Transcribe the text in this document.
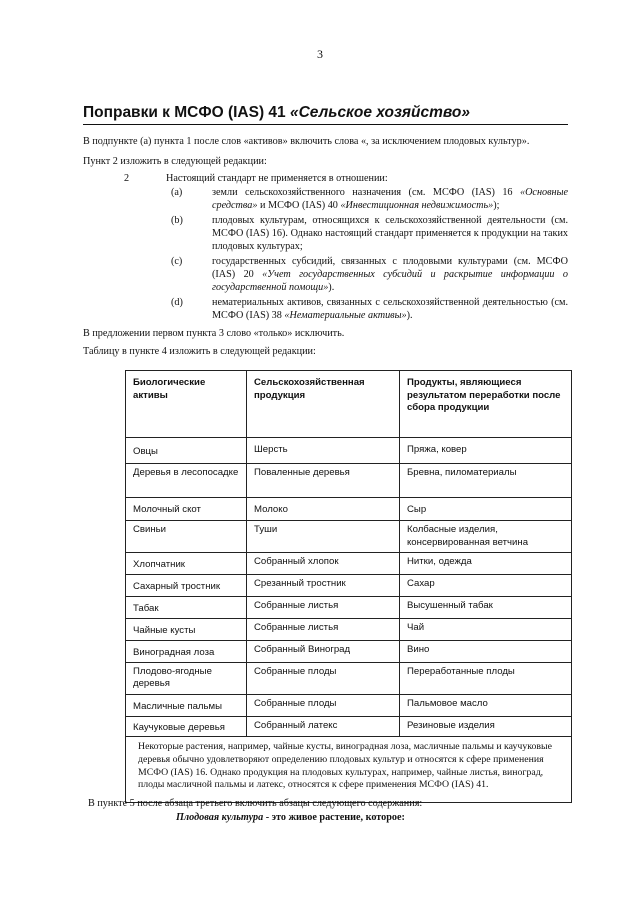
3
Поправки к МСФО (IAS) 41 «Сельское хозяйство»
В подпункте (а) пункта 1 после слов «активов» включить слова «, за исключением плодовых культур».
Пункт 2 изложить в следующей редакции:
2	Настоящий стандарт не применяется в отношении:
(a)	земли сельскохозяйственного назначения (см. МСФО (IAS) 16 «Основные средства» и МСФО (IAS) 40 «Инвестиционная недвижимость»);
(b)	плодовых культурам, относящихся к сельскохозяйственной деятельности (см. МСФО (IAS) 16). Однако настоящий стандарт применяется к продукции на таких плодовых культурах;
(c)	государственных субсидий, связанных с плодовыми культурами (см. МСФО (IAS) 20 «Учет государственных субсидий и раскрытие информации о государственной помощи»).
(d)	нематериальных активов, связанных с сельскохозяйственной деятельностью (см. МСФО (IAS) 38 «Нематериальные активы»).
В предложении первом пункта 3 слово «только» исключить.
Таблицу в пункте 4 изложить в следующей редакции:
Биологические активы	Сельскохозяйственная продукция	Продукты, являющиеся результатом переработки после сбора продукции
Овцы	Шерсть	Пряжа, ковер
Деревья в лесопосадке	Поваленные деревья	Бревна, пиломатериалы
Молочный скот	Молоко	Сыр
Свиньи	Туши	Колбасные изделия, консервированная ветчина
Хлопчатник	Собранный хлопок	Нитки, одежда
Сахарный тростник	Срезанный тростник	Сахар
Табак	Собранные листья	Высушенный табак
Чайные кусты	Собранные листья	Чай
Виноградная лоза	Собранный Виноград	Вино
Плодово-ягодные деревья	Собранные плоды	Переработанные плоды
Масличные пальмы	Собранные плоды	Пальмовое масло
Каучуковые деревья	Собранный латекс	Резиновые изделия
Некоторые растения, например, чайные кусты, виноградная лоза, масличные пальмы и каучуковые деревья обычно удовлетворяют определению плодовых культур и относятся к сфере применения МСФО (IAS) 16. Однако продукция на плодовых культурах, например, чайные листья, виноград, плоды масличной пальмы и латекс, относятся к сфере применения МСФО (IAS) 41.		
В пункте 5 после абзаца третьего включить абзацы следующего содержания:
Плодовая культура - это живое растение, которое:
